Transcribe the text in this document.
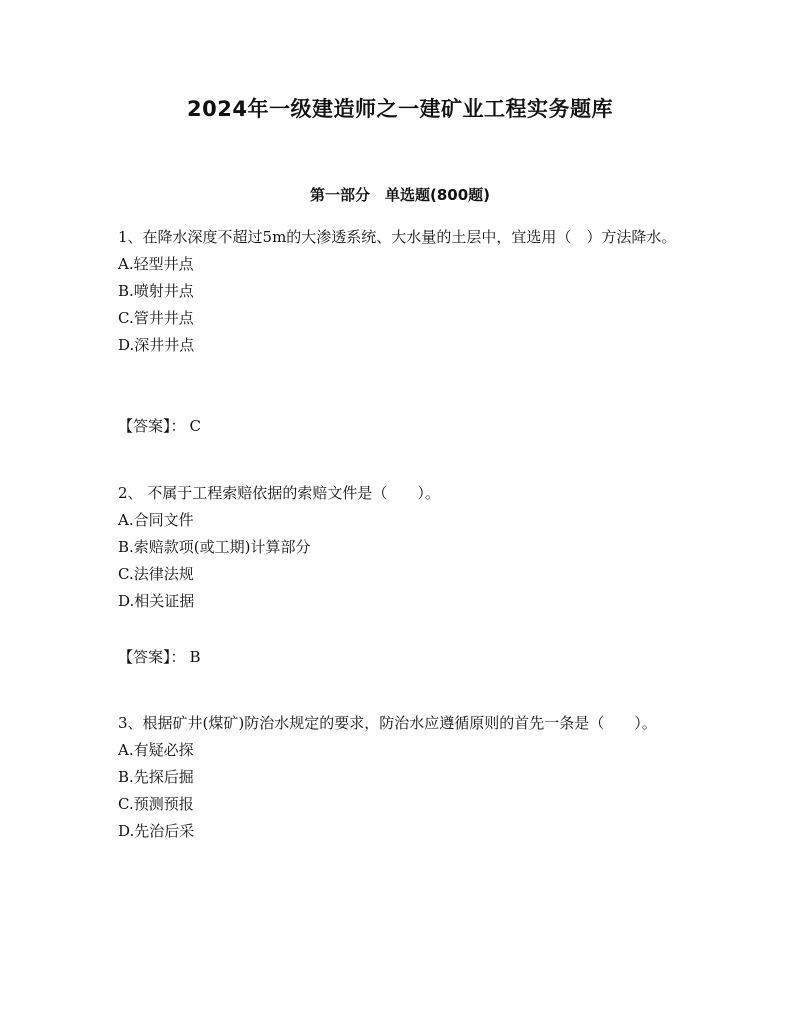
2024年一级建造师之一建矿业工程实务题库
第一部分　单选题(800题)

1、在降水深度不超过5m的大渗透系统、大水量的土层中，宜选用（　）方法降水。

A.轻型井点
B.喷射井点
C.管井井点
D.深井井点
【答案】： C

2、 不属于工程索赔依据的索赔文件是（　　）。

A.合同文件
B.索赔款项(或工期)计算部分
C.法律法规
D.相关证据
【答案】： B

3、根据矿井(煤矿)防治水规定的要求，防治水应遵循原则的首先一条是（　　）。

A.有疑必探
B.先探后掘
C.预测预报
D.先治后采
